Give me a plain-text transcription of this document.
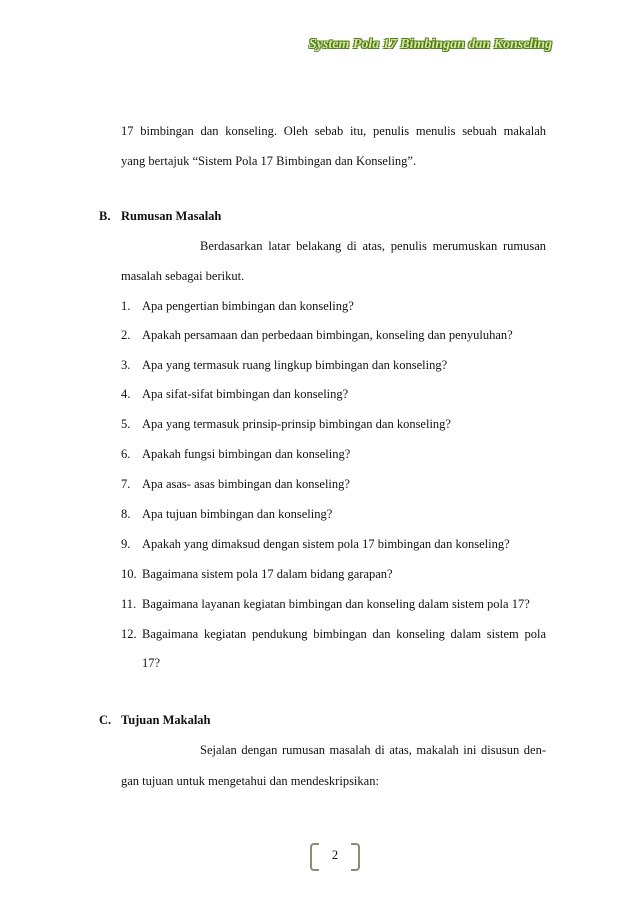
System Pola 17 Bimbingan dan Konseling
17 bimbingan dan konseling. Oleh sebab itu, penulis menulis sebuah makalah
yang bertajuk “Sistem Pola 17 Bimbingan dan Konseling”.
B. Rumusan Masalah
Berdasarkan latar belakang di atas, penulis merumuskan rumusan
masalah sebagai berikut.
1. Apa pengertian bimbingan dan konseling?
2. Apakah persamaan dan perbedaan bimbingan, konseling dan penyuluhan?
3. Apa yang termasuk ruang lingkup bimbingan dan konseling?
4. Apa sifat-sifat bimbingan dan konseling?
5. Apa yang termasuk prinsip-prinsip bimbingan dan konseling?
6. Apakah fungsi bimbingan dan konseling?
7. Apa asas- asas bimbingan dan konseling?
8. Apa tujuan bimbingan dan konseling?
9. Apakah yang dimaksud dengan sistem pola 17 bimbingan dan konseling?
10. Bagaimana sistem pola 17 dalam bidang garapan?
11. Bagaimana layanan kegiatan bimbingan dan konseling dalam sistem pola 17?
12. Bagaimana kegiatan pendukung bimbingan dan konseling dalam sistem pola
17?
C. Tujuan Makalah
Sejalan dengan rumusan masalah di atas, makalah ini disusun den-
gan tujuan untuk mengetahui dan mendeskripsikan:
2
